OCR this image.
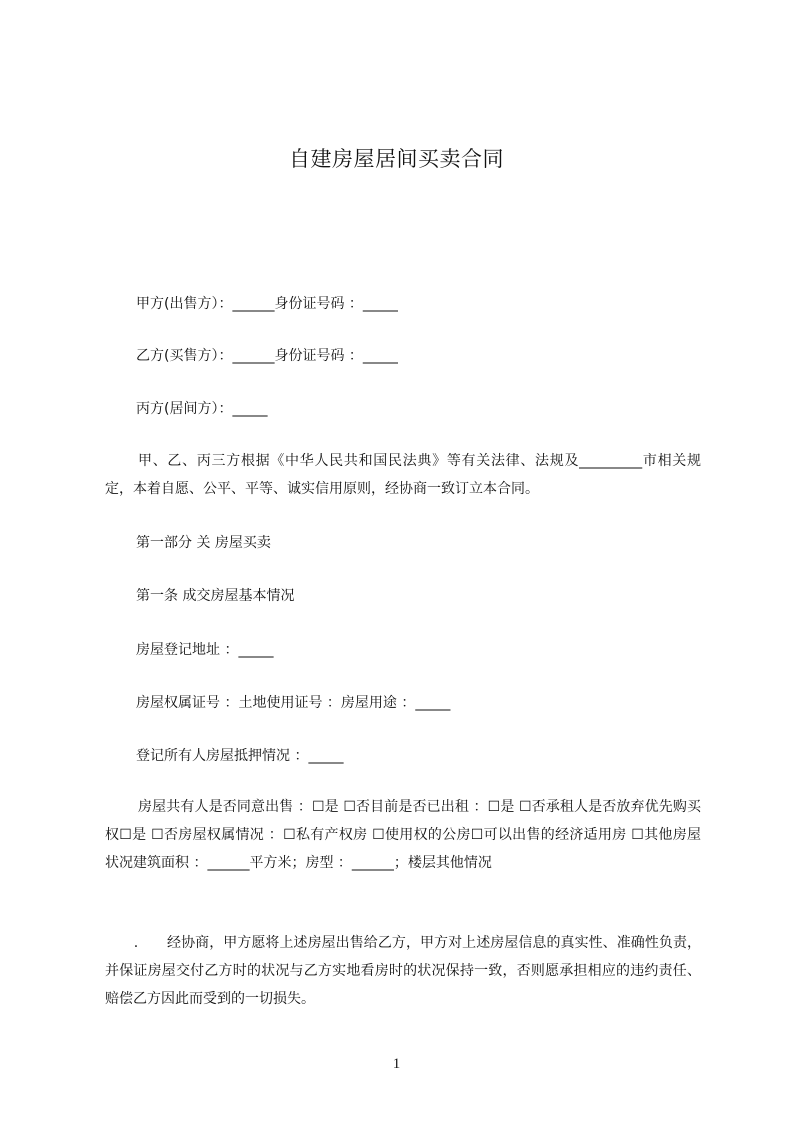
自建房屋居间买卖合同

甲方(出售方）：______身份证号码 ：_____

乙方(买售方）：______身份证号码 ：_____

丙方(居间方）：_____

甲、乙、丙三方根据《中华人民共和国民法典》等有关法律、法规及_________市相关规定，本着自愿、公平、平等、诚实信用原则，经协商一致订立本合同。

第一部分 关 房屋买卖

第一条 成交房屋基本情况

房屋登记地址 ：_____

房屋权属证号 ：土地使用证号 ：房屋用途 ：_____

登记所有人房屋抵押情况 ：_____

房屋共有人是否同意出售 ：☐是 ☐否目前是否已出租 ：☐是 ☐否承租人是否放弃优先购买权☐是 ☐否房屋权属情况 ：☐私有产权房 ☐使用权的公房☐可以出售的经济适用房 ☐其他房屋状况建筑面积 ：______平方米；房型 ：______；楼层其他情况

. 经协商，甲方愿将上述房屋出售给乙方，甲方对上述房屋信息的真实性、准确性负责，并保证房屋交付乙方时的状况与乙方实地看房时的状况保持一致，否则愿承担相应的违约责任、赔偿乙方因此而受到的一切损失。

1
